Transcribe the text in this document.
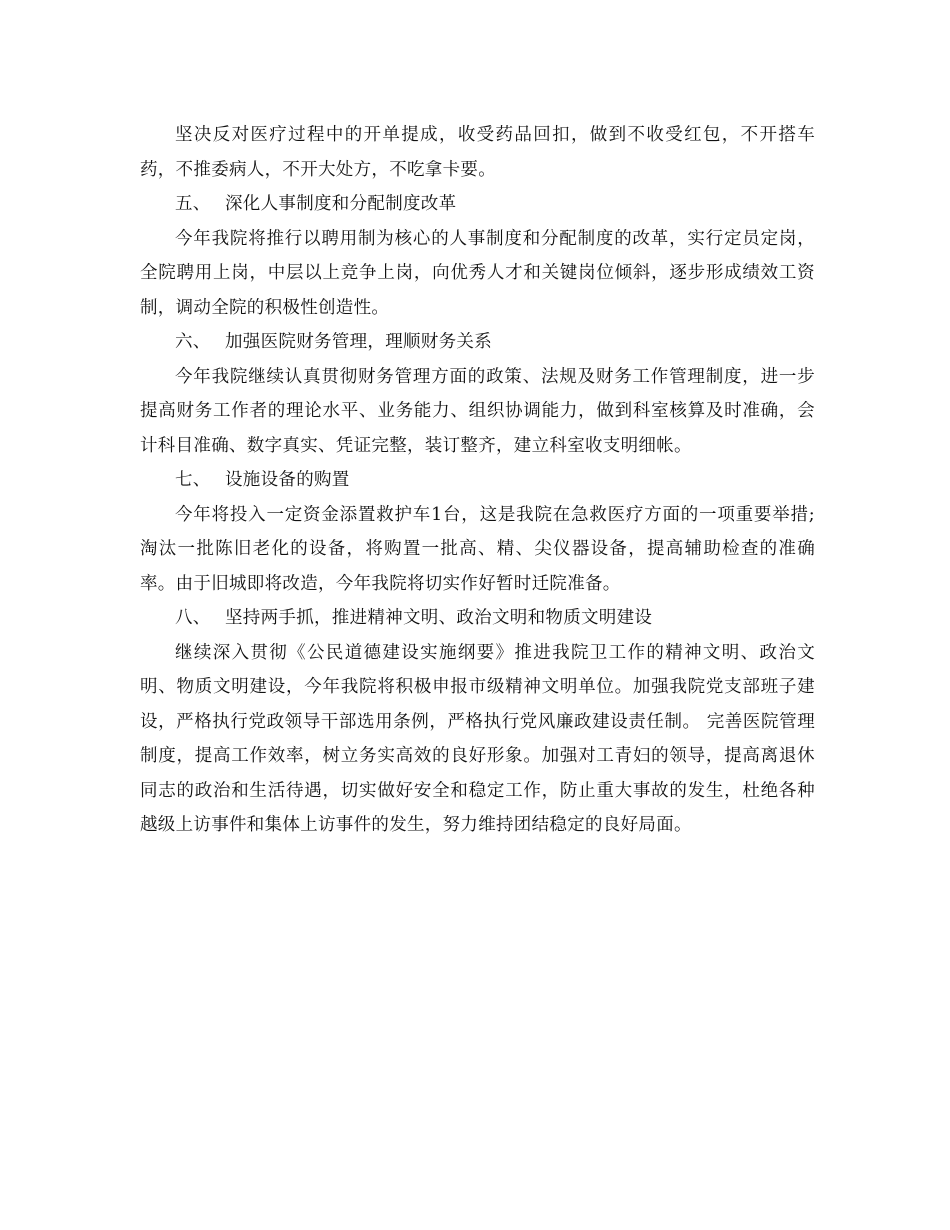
坚决反对医疗过程中的开单提成，收受药品回扣，做到不收受红包，不开搭车药，不推委病人，不开大处方，不吃拿卡要。

五、 深化人事制度和分配制度改革

今年我院将推行以聘用制为核心的人事制度和分配制度的改革，实行定员定岗，全院聘用上岗，中层以上竞争上岗，向优秀人才和关键岗位倾斜，逐步形成绩效工资制，调动全院的积极性创造性。

六、 加强医院财务管理，理顺财务关系

今年我院继续认真贯彻财务管理方面的政策、法规及财务工作管理制度，进一步提高财务工作者的理论水平、业务能力、组织协调能力，做到科室核算及时准确，会计科目准确、数字真实、凭证完整，装订整齐，建立科室收支明细帐。

七、 设施设备的购置

今年将投入一定资金添置救护车1台，这是我院在急救医疗方面的一项重要举措;淘汰一批陈旧老化的设备，将购置一批高、精、尖仪器设备，提高辅助检查的准确率。由于旧城即将改造，今年我院将切实作好暂时迁院准备。

八、 坚持两手抓，推进精神文明、政治文明和物质文明建设

继续深入贯彻《公民道德建设实施纲要》推进我院卫工作的精神文明、政治文明、物质文明建设，今年我院将积极申报市级精神文明单位。加强我院党支部班子建设，严格执行党政领导干部选用条例，严格执行党风廉政建设责任制。 完善医院管理制度，提高工作效率，树立务实高效的良好形象。加强对工青妇的领导，提高离退休同志的政治和生活待遇，切实做好安全和稳定工作，防止重大事故的发生，杜绝各种越级上访事件和集体上访事件的发生，努力维持团结稳定的良好局面。
